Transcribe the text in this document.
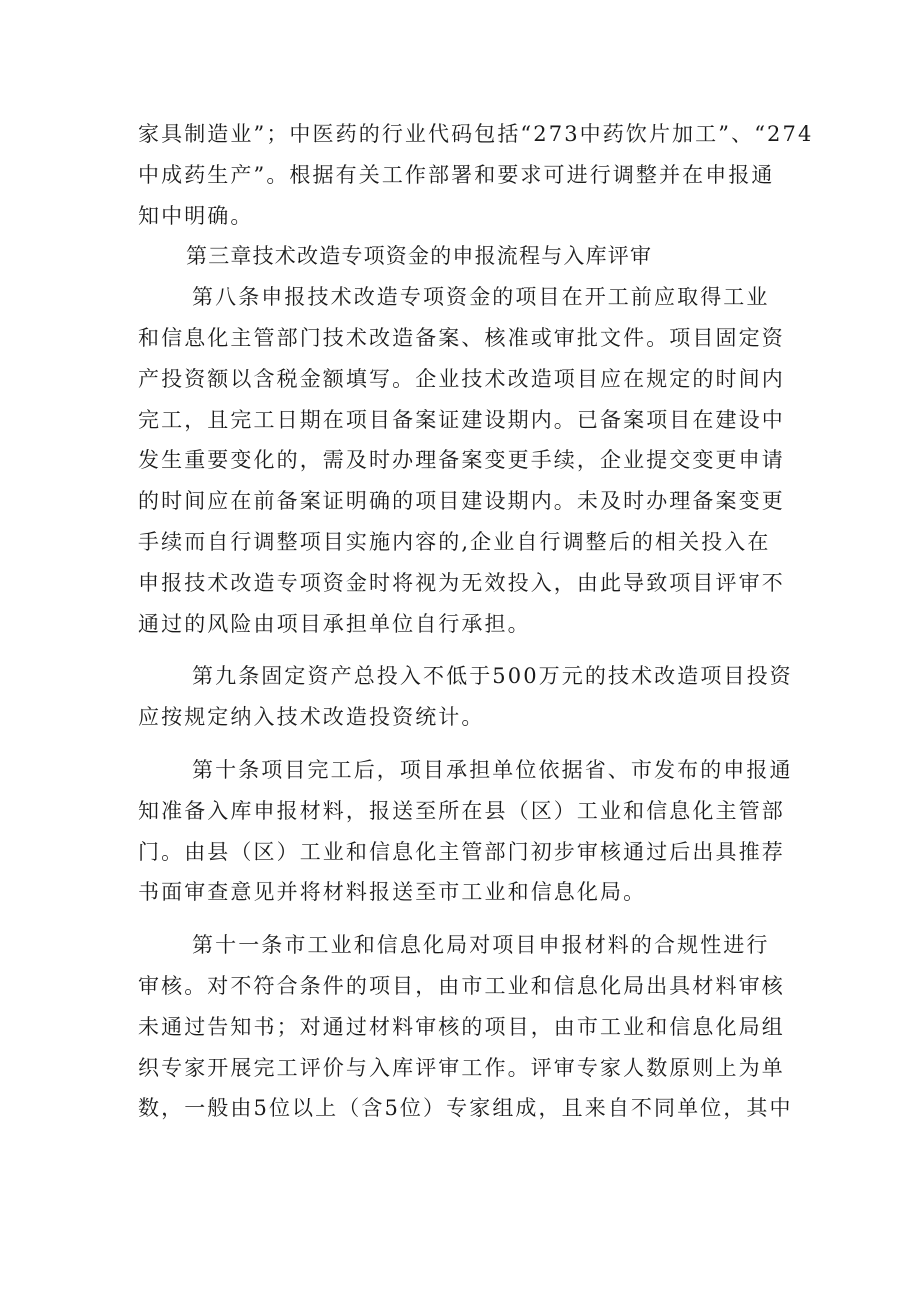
家具制造业”；中医药的行业代码包括“273中药饮片加工”、“274
中成药生产”。根据有关工作部署和要求可进行调整并在申报通
知中明确。
第三章技术改造专项资金的申报流程与入库评审
第八条申报技术改造专项资金的项目在开工前应取得工业
和信息化主管部门技术改造备案、核准或审批文件。项目固定资
产投资额以含税金额填写。企业技术改造项目应在规定的时间内
完工，且完工日期在项目备案证建设期内。已备案项目在建设中
发生重要变化的，需及时办理备案变更手续，企业提交变更申请
的时间应在前备案证明确的项目建设期内。未及时办理备案变更
手续而自行调整项目实施内容的,企业自行调整后的相关投入在
申报技术改造专项资金时将视为无效投入，由此导致项目评审不
通过的风险由项目承担单位自行承担。
第九条固定资产总投入不低于500万元的技术改造项目投资
应按规定纳入技术改造投资统计。
第十条项目完工后，项目承担单位依据省、市发布的申报通
知准备入库申报材料，报送至所在县（区）工业和信息化主管部
门。由县（区）工业和信息化主管部门初步审核通过后出具推荐
书面审查意见并将材料报送至市工业和信息化局。
第十一条市工业和信息化局对项目申报材料的合规性进行
审核。对不符合条件的项目，由市工业和信息化局出具材料审核
未通过告知书；对通过材料审核的项目，由市工业和信息化局组
织专家开展完工评价与入库评审工作。评审专家人数原则上为单
数，一般由5位以上（含5位）专家组成，且来自不同单位，其中
